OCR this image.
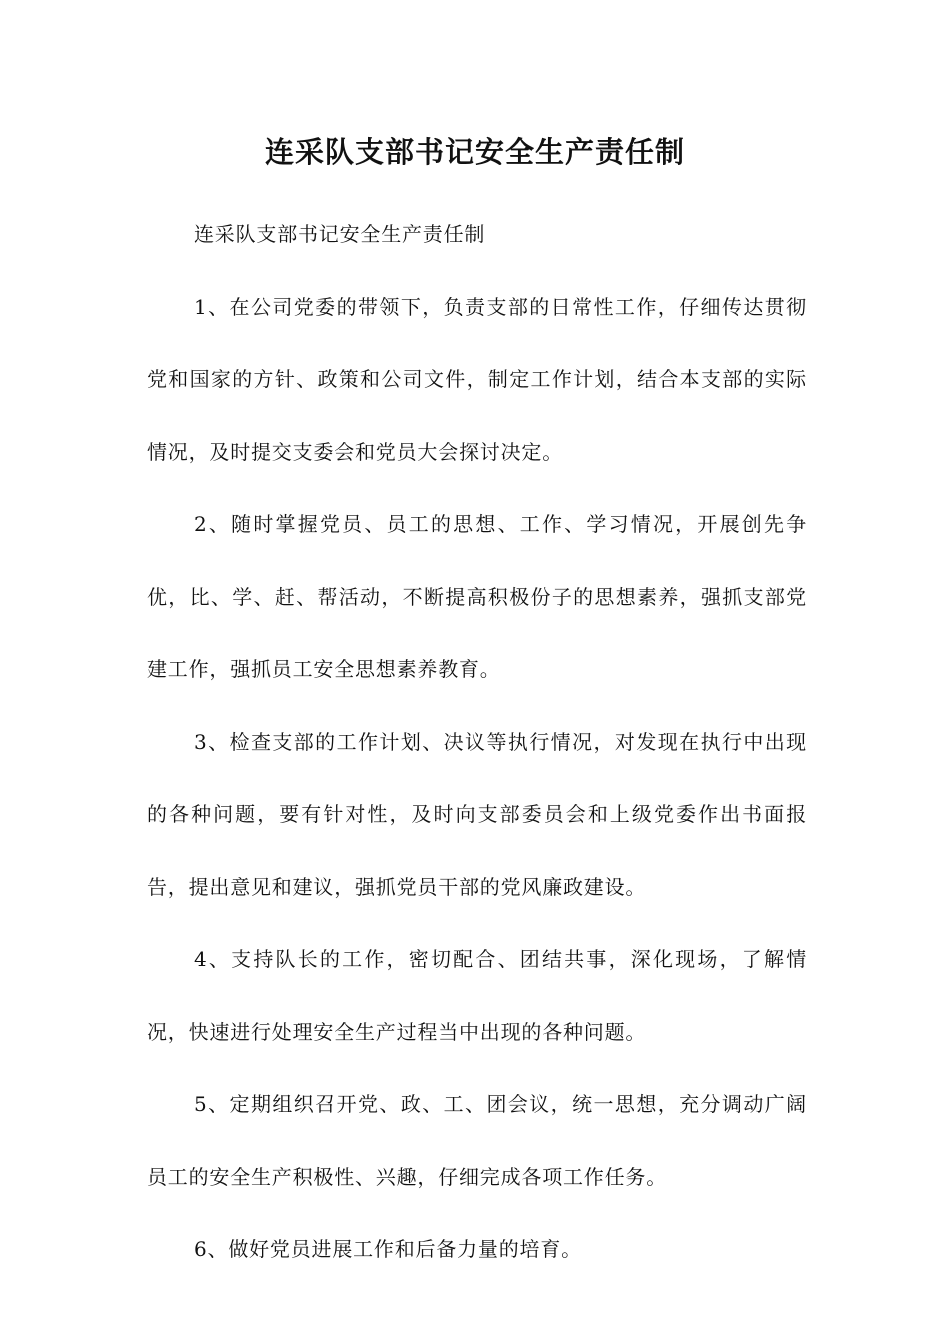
连采队支部书记安全生产责任制

连采队支部书记安全生产责任制

1、在公司党委的带领下，负责支部的日常性工作，仔细传达贯彻党和国家的方针、政策和公司文件，制定工作计划，结合本支部的实际情况，及时提交支委会和党员大会探讨决定。

2、随时掌握党员、员工的思想、工作、学习情况，开展创先争优，比、学、赶、帮活动，不断提高积极份子的思想素养，强抓支部党建工作，强抓员工安全思想素养教育。

3、检查支部的工作计划、决议等执行情况，对发现在执行中出现的各种问题，要有针对性，及时向支部委员会和上级党委作出书面报告，提出意见和建议，强抓党员干部的党风廉政建设。

4、支持队长的工作，密切配合、团结共事，深化现场，了解情况，快速进行处理安全生产过程当中出现的各种问题。

5、定期组织召开党、政、工、团会议，统一思想，充分调动广阔员工的安全生产积极性、兴趣，仔细完成各项工作任务。

6、做好党员进展工作和后备力量的培育。
